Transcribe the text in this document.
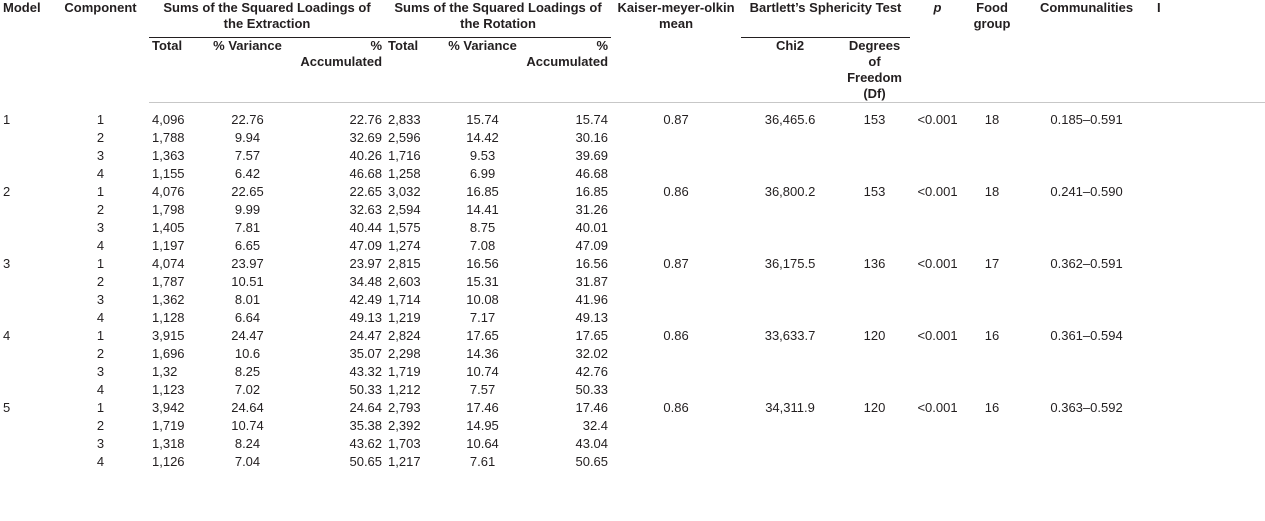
Model	Component	Sums of the Squared Loadings of the Extraction			Sums of the Squared Loadings of the Rotation			Kaiser-meyer-olkin mean	Bartlett’s Sphericity Test		p	Food group	Communalities	I
		Total	% Variance	% Accumulated	Total	% Variance	% Accumulated		Chi2	Degrees of Freedom (Df)				

1	1	4,096	22.76	22.76	2,833	15.74	15.74	0.87	36,465.6	153	<0.001	18	0.185–0.591	
	2	1,788	9.94	32.69	2,596	14.42	30.16							
	3	1,363	7.57	40.26	1,716	9.53	39.69							
	4	1,155	6.42	46.68	1,258	6.99	46.68							
2	1	4,076	22.65	22.65	3,032	16.85	16.85	0.86	36,800.2	153	<0.001	18	0.241–0.590	
	2	1,798	9.99	32.63	2,594	14.41	31.26							
	3	1,405	7.81	40.44	1,575	8.75	40.01							
	4	1,197	6.65	47.09	1,274	7.08	47.09							
3	1	4,074	23.97	23.97	2,815	16.56	16.56	0.87	36,175.5	136	<0.001	17	0.362–0.591	
	2	1,787	10.51	34.48	2,603	15.31	31.87							
	3	1,362	8.01	42.49	1,714	10.08	41.96							
	4	1,128	6.64	49.13	1,219	7.17	49.13							
4	1	3,915	24.47	24.47	2,824	17.65	17.65	0.86	33,633.7	120	<0.001	16	0.361–0.594	
	2	1,696	10.6	35.07	2,298	14.36	32.02							
	3	1,32	8.25	43.32	1,719	10.74	42.76							
	4	1,123	7.02	50.33	1,212	7.57	50.33							
5	1	3,942	24.64	24.64	2,793	17.46	17.46	0.86	34,311.9	120	<0.001	16	0.363–0.592	
	2	1,719	10.74	35.38	2,392	14.95	32.4							
	3	1,318	8.24	43.62	1,703	10.64	43.04							
	4	1,126	7.04	50.65	1,217	7.61	50.65							
